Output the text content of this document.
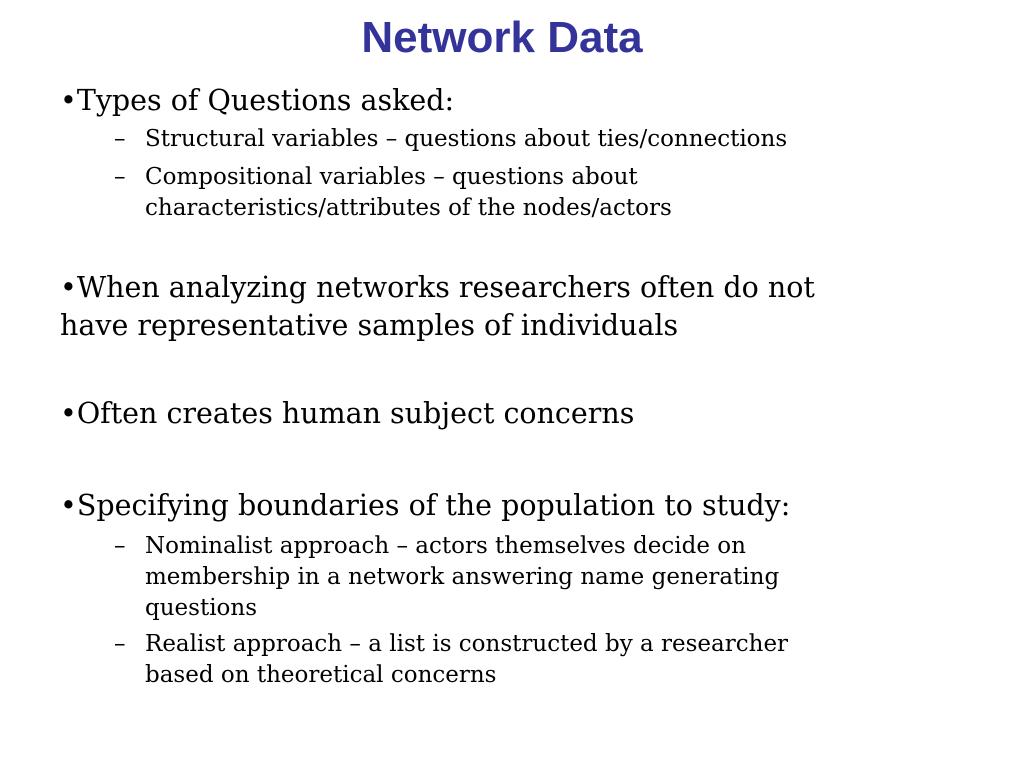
Network Data

•Types of Questions asked:

– Structural variables – questions about ties/connections
– Compositional variables – questions about
characteristics/attributes of the nodes/actors
•When analyzing networks researchers often do not
have representative samples of individuals

•Often creates human subject concerns

•Specifying boundaries of the population to study:

– Nominalist approach – actors themselves decide on
membership in a network answering name generating
questions
– Realist approach – a list is constructed by a researcher
based on theoretical concerns
